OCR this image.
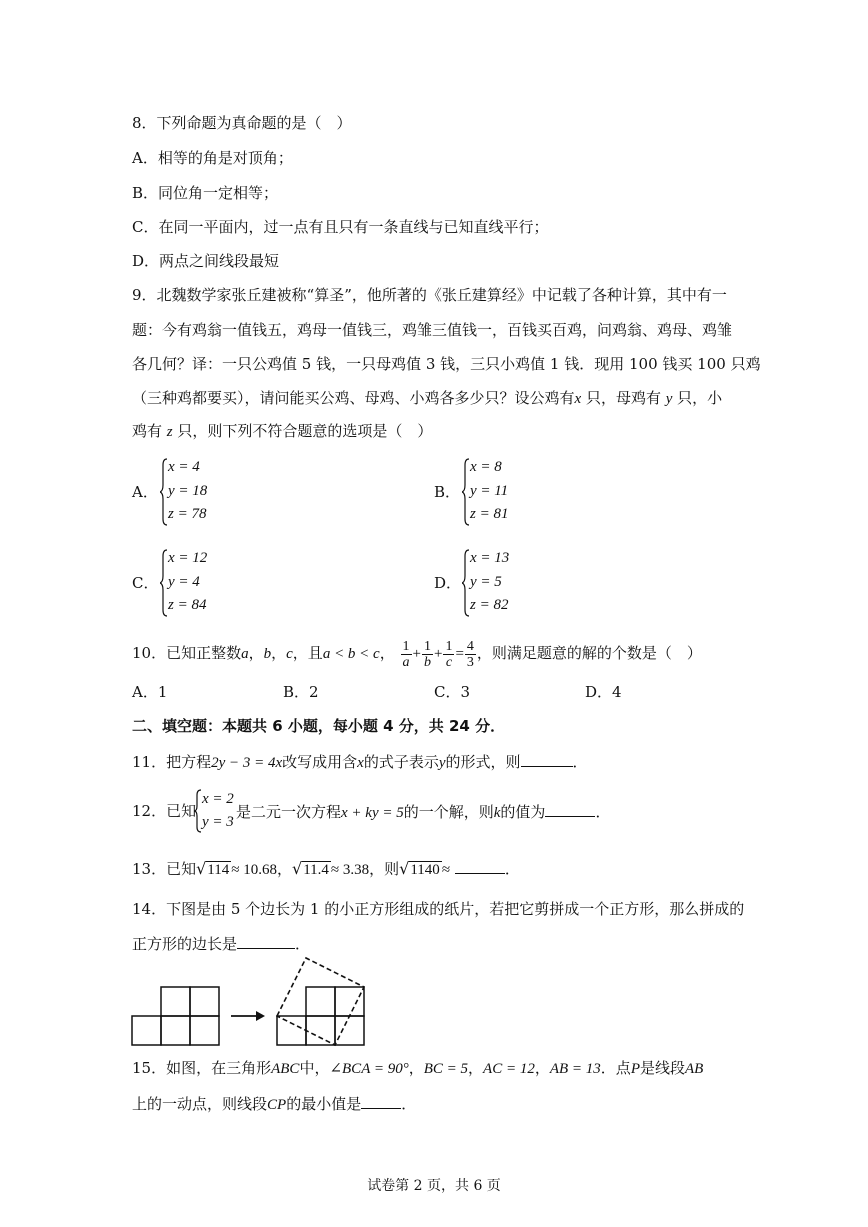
8．下列命题为真命题的是（　）
A．相等的角是对顶角；
B．同位角一定相等；
C．在同一平面内，过一点有且只有一条直线与已知直线平行；
D．两点之间线段最短
9．北魏数学家张丘建被称“算圣”，他所著的《张丘建算经》中记载了各种计算，其中有一
题：今有鸡翁一值钱五，鸡母一值钱三，鸡雏三值钱一，百钱买百鸡，问鸡翁、鸡母、鸡雏
各几何？译：一只公鸡值 5 钱，一只母鸡值 3 钱，三只小鸡值 1 钱．现用 100 钱买 100 只鸡
（三种鸡都要买），请问能买公鸡、母鸡、小鸡各多少只？设公鸡有x 只，母鸡有 y 只，小
鸡有 z 只，则下列不符合题意的选项是（　）
A．
x = 4
y = 18
z = 78
B．
x = 8
y = 11
z = 81
C．
x = 12
y = 4
z = 84
D．
x = 13
y = 5
z = 82
10．已知正整数a，b，c，且a < b < c， $\frac{1}{a} + \frac{1}{b} + \frac{1}{c} = \frac{4}{3}$ ，则满足题意的解的个数是（　）
A．1	B．2	C．3	D．4
二、填空题：本题共 6 小题，每小题 4 分，共 24 分．
11．把方程2y − 3 = 4x改写成用含x的式子表示y的形式，则	．
12．已知
x = 2
y = 3
是二元一次方程x + ky = 5的一个解，则k的值为	．
13．已知√114 ≈ 10.68，√11.4 ≈ 3.38，则√1140 ≈	．
14．下图是由 5 个边长为 1 的小正方形组成的纸片，若把它剪拼成一个正方形，那么拼成的
正方形的边长是	．
15．如图，在三角形ABC中，∠BCA = 90°，BC = 5，AC = 12，AB = 13．点P是线段AB
上的一动点，则线段CP的最小值是	．
试卷第 2 页，共 6 页
